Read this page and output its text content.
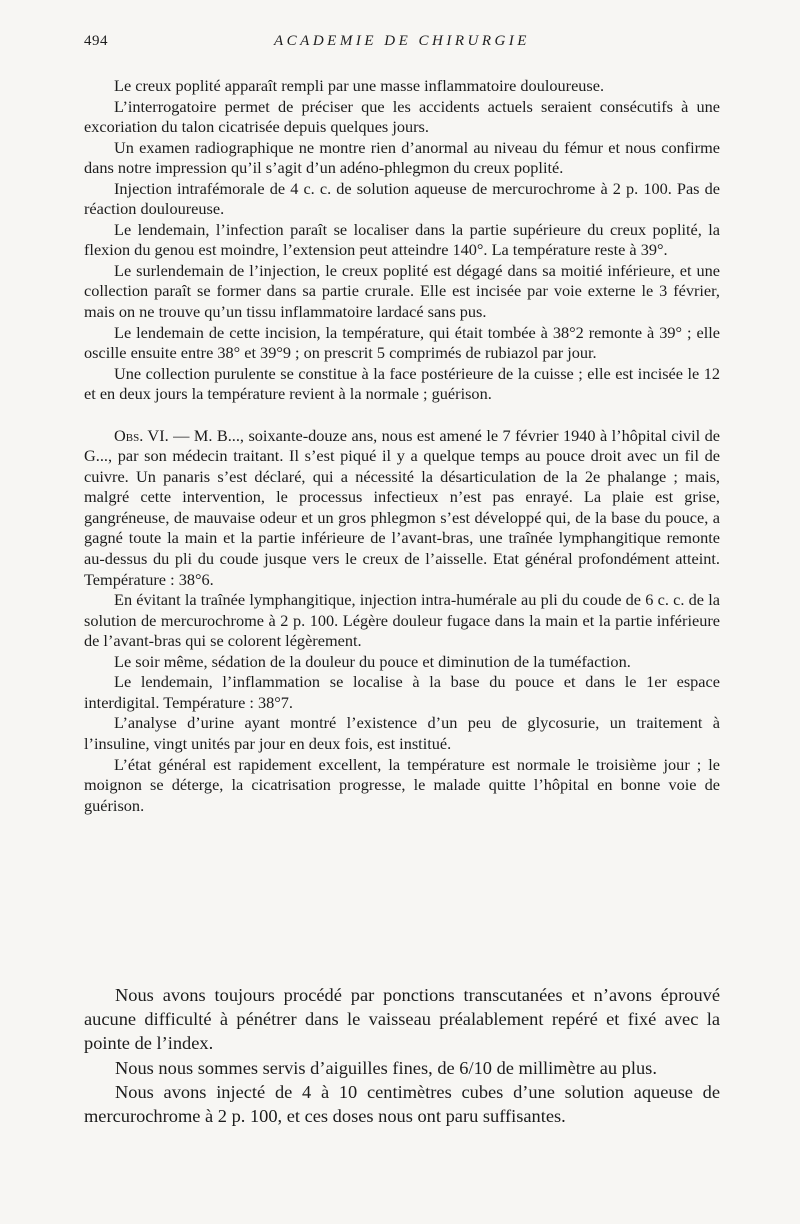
494	ACADEMIE DE CHIRURGIE

Le creux poplité apparaît rempli par une masse inflammatoire douloureuse.

L’interrogatoire permet de préciser que les accidents actuels seraient consécutifs à une excoriation du talon cicatrisée depuis quelques jours.

Un examen radiographique ne montre rien d’anormal au niveau du fémur et nous confirme dans notre impression qu’il s’agit d’un adéno-phlegmon du creux poplité.

Injection intrafémorale de 4 c. c. de solution aqueuse de mercurochrome à 2 p. 100. Pas de réaction douloureuse.

Le lendemain, l’infection paraît se localiser dans la partie supérieure du creux poplité, la flexion du genou est moindre, l’extension peut atteindre 140°. La température reste à 39°.

Le surlendemain de l’injection, le creux poplité est dégagé dans sa moitié inférieure, et une collection paraît se former dans sa partie crurale. Elle est incisée par voie externe le 3 février, mais on ne trouve qu’un tissu inflammatoire lardacé sans pus.

Le lendemain de cette incision, la température, qui était tombée à 38°2 remonte à 39° ; elle oscille ensuite entre 38° et 39°9 ; on prescrit 5 comprimés de rubiazol par jour.

Une collection purulente se constitue à la face postérieure de la cuisse ; elle est incisée le 12 et en deux jours la température revient à la normale ; guérison.

Obs. VI. — M. B..., soixante-douze ans, nous est amené le 7 février 1940 à l’hôpital civil de G..., par son médecin traitant. Il s’est piqué il y a quelque temps au pouce droit avec un fil de cuivre. Un panaris s’est déclaré, qui a nécessité la désarticulation de la 2e phalange ; mais, malgré cette intervention, le processus infectieux n’est pas enrayé. La plaie est grise, gangréneuse, de mauvaise odeur et un gros phlegmon s’est développé qui, de la base du pouce, a gagné toute la main et la partie inférieure de l’avant-bras, une traînée lymphangitique remonte au-dessus du pli du coude jusque vers le creux de l’aisselle. Etat général profondément atteint. Température : 38°6.

En évitant la traînée lymphangitique, injection intra-humérale au pli du coude de 6 c. c. de la solution de mercurochrome à 2 p. 100. Légère douleur fugace dans la main et la partie inférieure de l’avant-bras qui se colorent légèrement.

Le soir même, sédation de la douleur du pouce et diminution de la tuméfaction.

Le lendemain, l’inflammation se localise à la base du pouce et dans le 1er espace interdigital. Température : 38°7.

L’analyse d’urine ayant montré l’existence d’un peu de glycosurie, un traitement à l’insuline, vingt unités par jour en deux fois, est institué.

L’état général est rapidement excellent, la température est normale le troisième jour ; le moignon se déterge, la cicatrisation progresse, le malade quitte l’hôpital en bonne voie de guérison.

Nous avons toujours procédé par ponctions transcutanées et n’avons éprouvé aucune difficulté à pénétrer dans le vaisseau préalablement repéré et fixé avec la pointe de l’index.

Nous nous sommes servis d’aiguilles fines, de 6/10 de millimètre au plus.

Nous avons injecté de 4 à 10 centimètres cubes d’une solution aqueuse de mercurochrome à 2 p. 100, et ces doses nous ont paru suffisantes.
